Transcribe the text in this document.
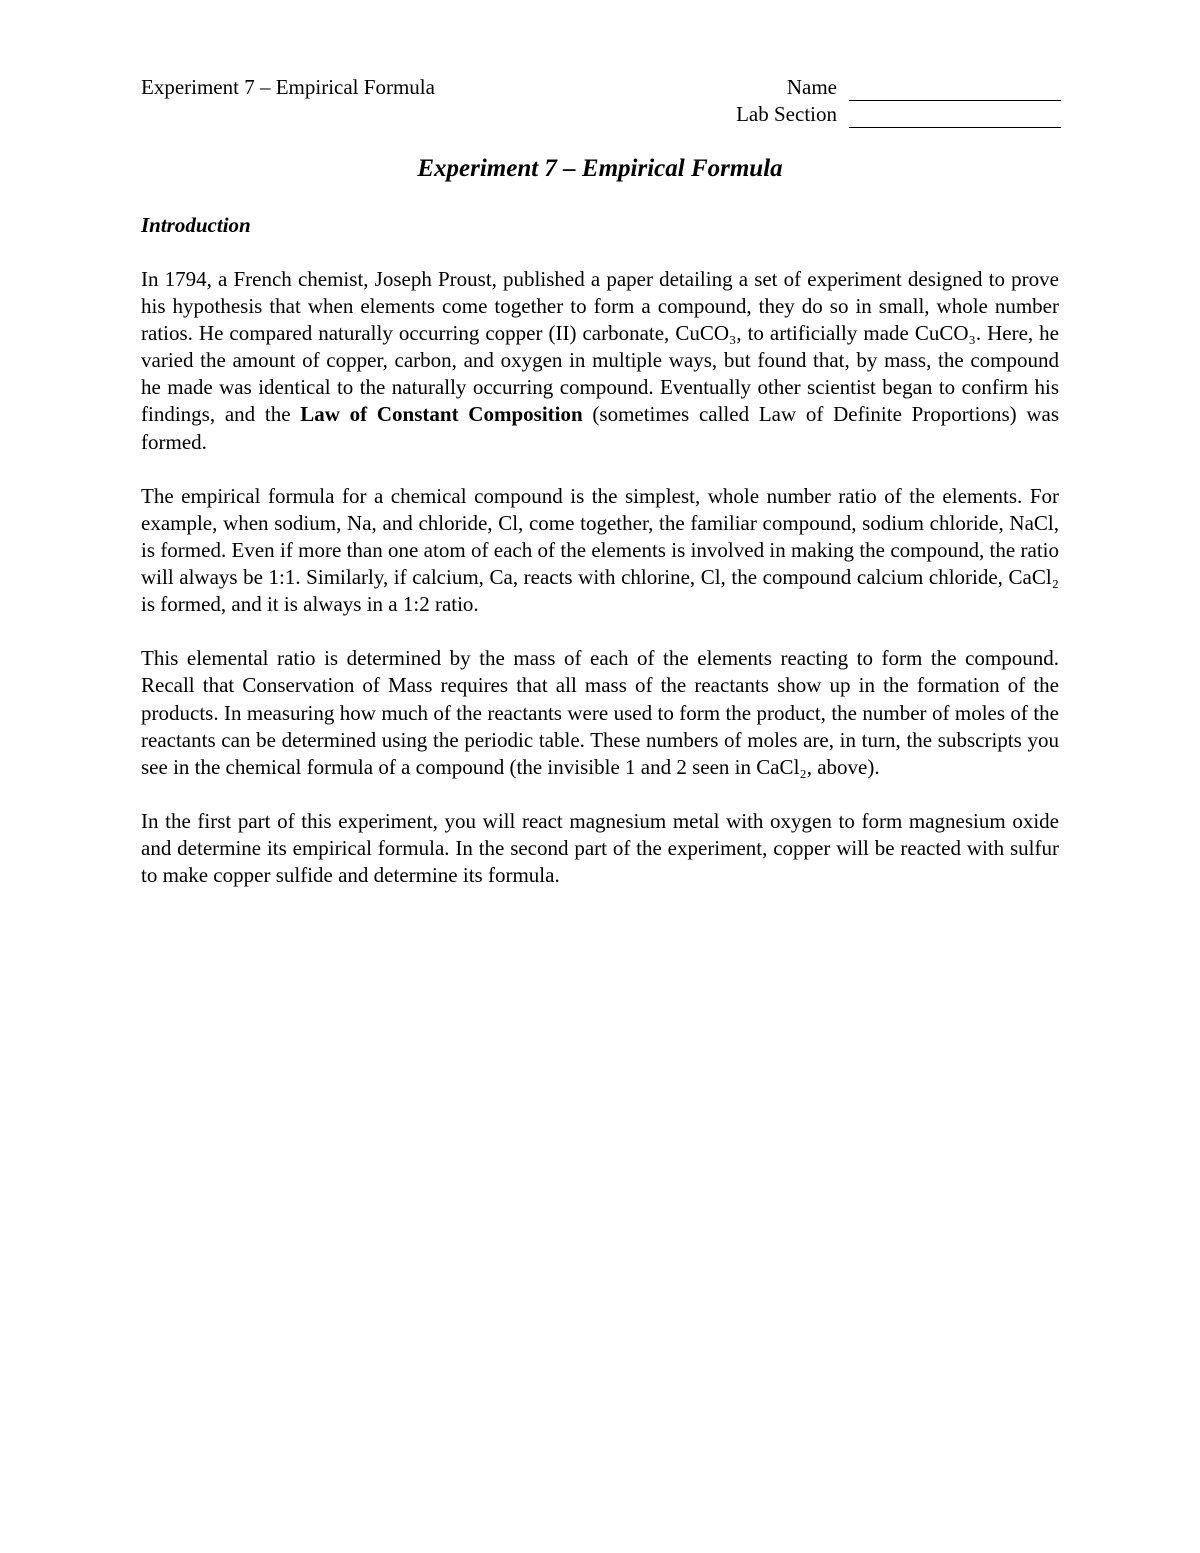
Experiment 7 – Empirical Formula	Name
Lab Section
Experiment 7 – Empirical Formula
Introduction

In 1794, a French chemist, Joseph Proust, published a paper detailing a set of experiment designed to prove his hypothesis that when elements come together to form a compound, they do so in small, whole number ratios. He compared naturally occurring copper (II) carbonate, CuCO₃, to artificially made CuCO₃. Here, he varied the amount of copper, carbon, and oxygen in multiple ways, but found that, by mass, the compound he made was identical to the naturally occurring compound. Eventually other scientist began to confirm his findings, and the Law of Constant Composition (sometimes called Law of Definite Proportions) was formed.

The empirical formula for a chemical compound is the simplest, whole number ratio of the elements. For example, when sodium, Na, and chloride, Cl, come together, the familiar compound, sodium chloride, NaCl, is formed. Even if more than one atom of each of the elements is involved in making the compound, the ratio will always be 1:1. Similarly, if calcium, Ca, reacts with chlorine, Cl, the compound calcium chloride, CaCl₂ is formed, and it is always in a 1:2 ratio.

This elemental ratio is determined by the mass of each of the elements reacting to form the compound. Recall that Conservation of Mass requires that all mass of the reactants show up in the formation of the products. In measuring how much of the reactants were used to form the product, the number of moles of the reactants can be determined using the periodic table. These numbers of moles are, in turn, the subscripts you see in the chemical formula of a compound (the invisible 1 and 2 seen in CaCl₂, above).

In the first part of this experiment, you will react magnesium metal with oxygen to form magnesium oxide and determine its empirical formula. In the second part of the experiment, copper will be reacted with sulfur to make copper sulfide and determine its formula.
